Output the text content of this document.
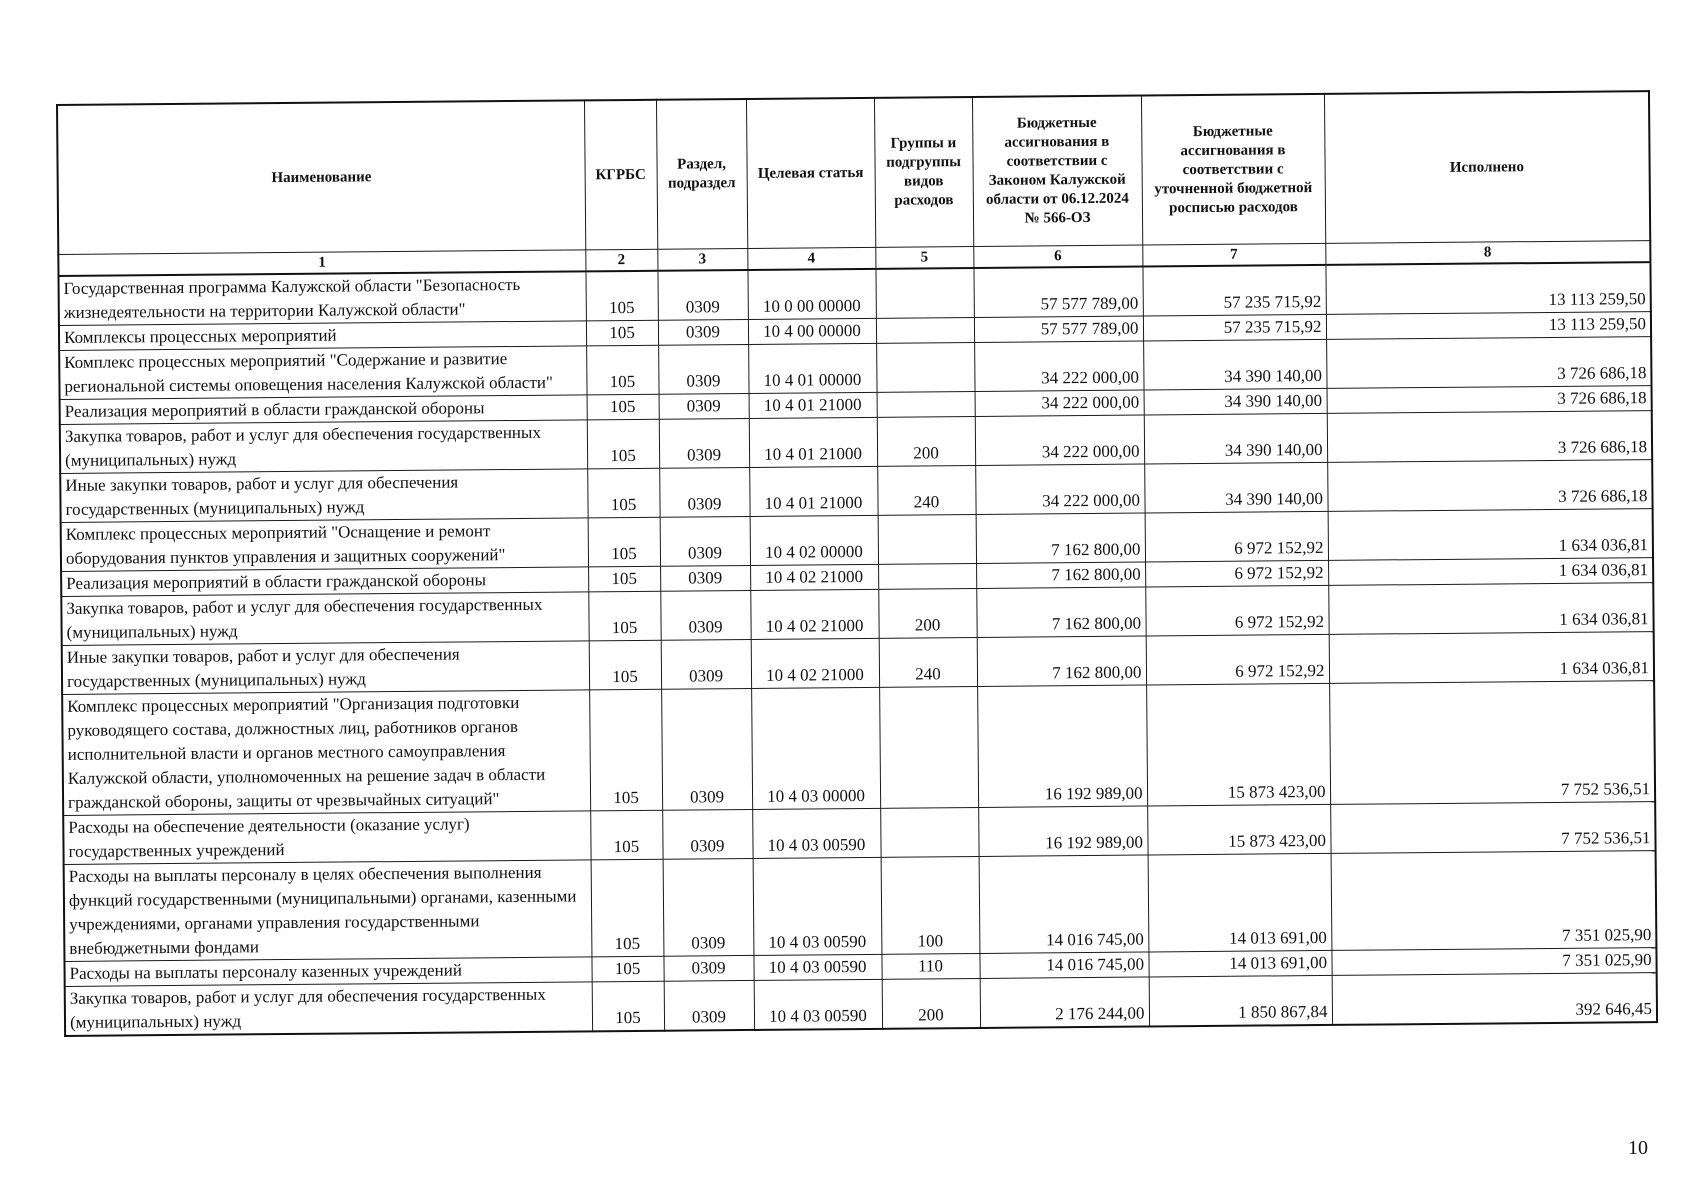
Наименование	КГРБС	Раздел, подраздел	Целевая статья	Группы и подгруппы видов расходов	Бюджетные ассигнования в соответствии с Законом Калужской области от 06.12.2024 № 566-ОЗ	Бюджетные ассигнования в соответствии с уточненной бюджетной росписью расходов	Исполнено
1	2	3	4	5	6	7	8
Государственная программа Калужской области "Безопасность жизнедеятельности на территории Калужской области"	105	0309	10 0 00 00000		57 577 789,00	57 235 715,92	13 113 259,50
Комплексы процессных мероприятий	105	0309	10 4 00 00000		57 577 789,00	57 235 715,92	13 113 259,50
Комплекс процессных мероприятий "Содержание и развитие региональной системы оповещения населения Калужской области"	105	0309	10 4 01 00000		34 222 000,00	34 390 140,00	3 726 686,18
Реализация мероприятий в области гражданской обороны	105	0309	10 4 01 21000		34 222 000,00	34 390 140,00	3 726 686,18
Закупка товаров, работ и услуг для обеспечения государственных (муниципальных) нужд	105	0309	10 4 01 21000	200	34 222 000,00	34 390 140,00	3 726 686,18
Иные закупки товаров, работ и услуг для обеспечения государственных (муниципальных) нужд	105	0309	10 4 01 21000	240	34 222 000,00	34 390 140,00	3 726 686,18
Комплекс процессных мероприятий "Оснащение и ремонт оборудования пунктов управления и защитных сооружений"	105	0309	10 4 02 00000		7 162 800,00	6 972 152,92	1 634 036,81
Реализация мероприятий в области гражданской обороны	105	0309	10 4 02 21000		7 162 800,00	6 972 152,92	1 634 036,81
Закупка товаров, работ и услуг для обеспечения государственных (муниципальных) нужд	105	0309	10 4 02 21000	200	7 162 800,00	6 972 152,92	1 634 036,81
Иные закупки товаров, работ и услуг для обеспечения государственных (муниципальных) нужд	105	0309	10 4 02 21000	240	7 162 800,00	6 972 152,92	1 634 036,81
Комплекс процессных мероприятий "Организация подготовки руководящего состава, должностных лиц, работников органов исполнительной власти и органов местного самоуправления Калужской области, уполномоченных на решение задач в области гражданской обороны, защиты от чрезвычайных ситуаций"	105	0309	10 4 03 00000		16 192 989,00	15 873 423,00	7 752 536,51
Расходы на обеспечение деятельности (оказание услуг) государственных учреждений	105	0309	10 4 03 00590		16 192 989,00	15 873 423,00	7 752 536,51
Расходы на выплаты персоналу в целях обеспечения выполнения функций государственными (муниципальными) органами, казенными учреждениями, органами управления государственными внебюджетными фондами	105	0309	10 4 03 00590	100	14 016 745,00	14 013 691,00	7 351 025,90
Расходы на выплаты персоналу казенных учреждений	105	0309	10 4 03 00590	110	14 016 745,00	14 013 691,00	7 351 025,90
Закупка товаров, работ и услуг для обеспечения государственных (муниципальных) нужд	105	0309	10 4 03 00590	200	2 176 244,00	1 850 867,84	392 646,45
10
